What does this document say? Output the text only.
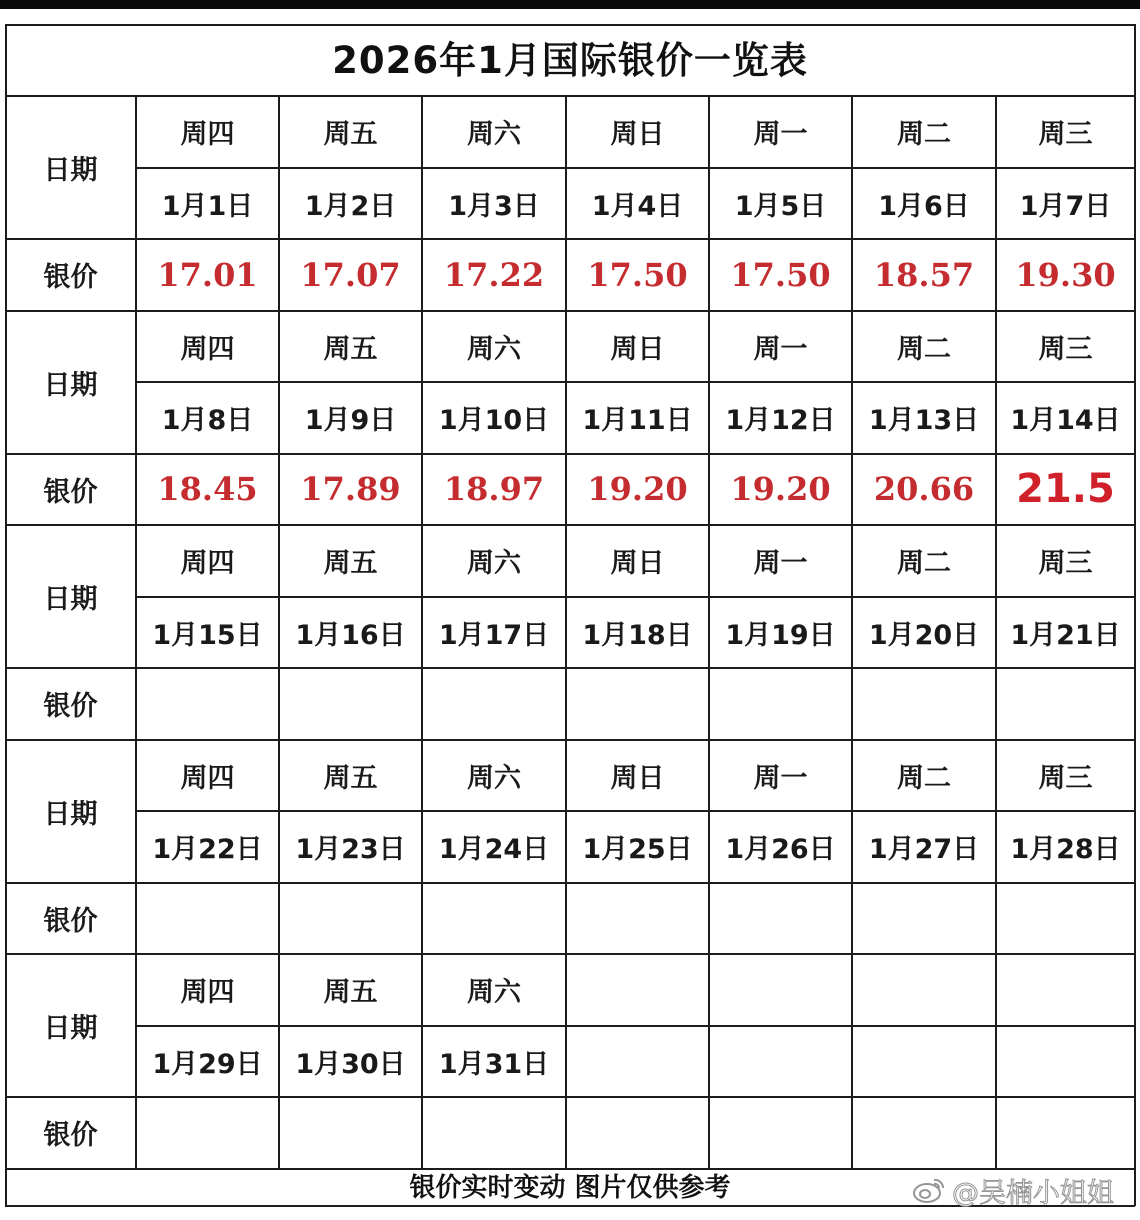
2026年1月国际银价一览表
日期
银价
周四
1月1日
17.01
周五
1月2日
17.07
周六
1月3日
17.22
周日
1月4日
17.50
周一
1月5日
17.50
周二
1月6日
18.57
周三
1月7日
19.30
日期
银价
周四
1月8日
18.45
周五
1月9日
17.89
周六
1月10日
18.97
周日
1月11日
19.20
周一
1月12日
19.20
周二
1月13日
20.66
周三
1月14日
21.5
日期
银价
周四
1月15日
周五
1月16日
周六
1月17日
周日
1月18日
周一
1月19日
周二
1月20日
周三
1月21日
日期
银价
周四
1月22日
周五
1月23日
周六
1月24日
周日
1月25日
周一
1月26日
周二
1月27日
周三
1月28日
日期
银价
周四
1月29日
周五
1月30日
周六
1月31日
银价实时变动 图片仅供参考	@吴楠小姐姐
